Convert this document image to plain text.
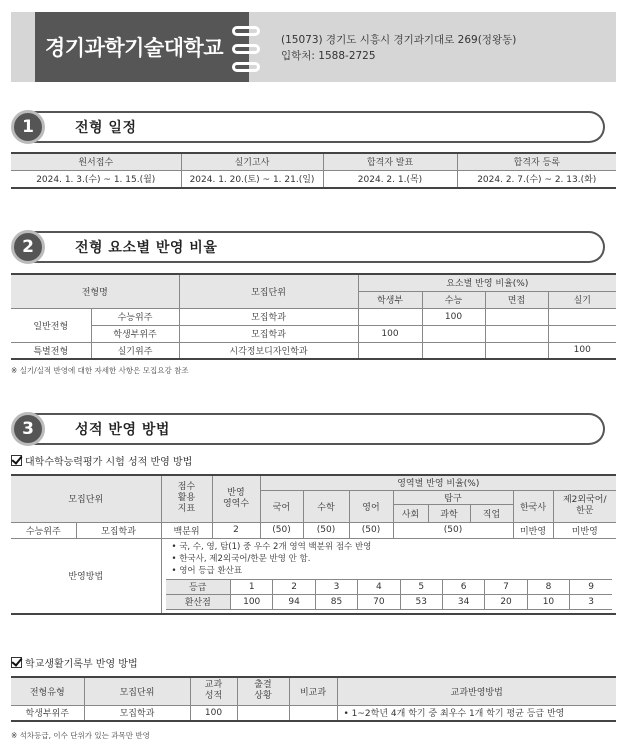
경기과학기술대학교	(15073) 경기도 시흥시 경기과기대로 269(정왕동)
입학처: 1588-2725
1	전형 일정
원서접수	실기고사	합격자 발표	합격자 등록
2024. 1. 3.(수) ~ 1. 15.(월)	2024. 1. 20.(토) ~ 1. 21.(일)	2024. 2. 1.(목)	2024. 2. 7.(수) ~ 2. 13.(화)
2	전형 요소별 반영 비율
전형명		모집단위	요소별 반영 비율(%)			
			학생부	수능	면접	실기
일반전형	수능위주	모집학과		100		
	학생부위주	모집학과	100			
특별전형	실기위주	시각정보디자인학과				100
※ 실기/실적 반영에 대한 자세한 사항은 모집요강 참조
3	성적 반영 방법
대학수학능력평가 시험 성적 반영 방법
모집단위	점수
활용
지표	반영
영역수	영역별 반영 비율(%)
국어	수학	영어	탐구	한국사	제2외국어/
한문
사회	과학	직업
수능위주	모집학과	백분위	2	(50)	(50)	(50)	(50)	미반영	미반영
반영방법	
• 국, 수, 영, 탐(1) 중 우수 2개 영역 백분위 점수 반영
• 한국사, 제2외국어/한문 반영 안 함.
• 영어 등급 환산표
등급	1	2	3	4	5	6	7	8	9
환산점	100	94	85	70	53	34	20	10	3
학교생활기록부 반영 방법
전형유형	모집단위	교과
성적	출결
상황	비교과	교과반영방법
학생부위주	모집학과	100			• 1~2학년 4개 학기 중 최우수 1개 학기 평균 등급 반영
※ 석차등급, 이수 단위가 있는 과목만 반영
